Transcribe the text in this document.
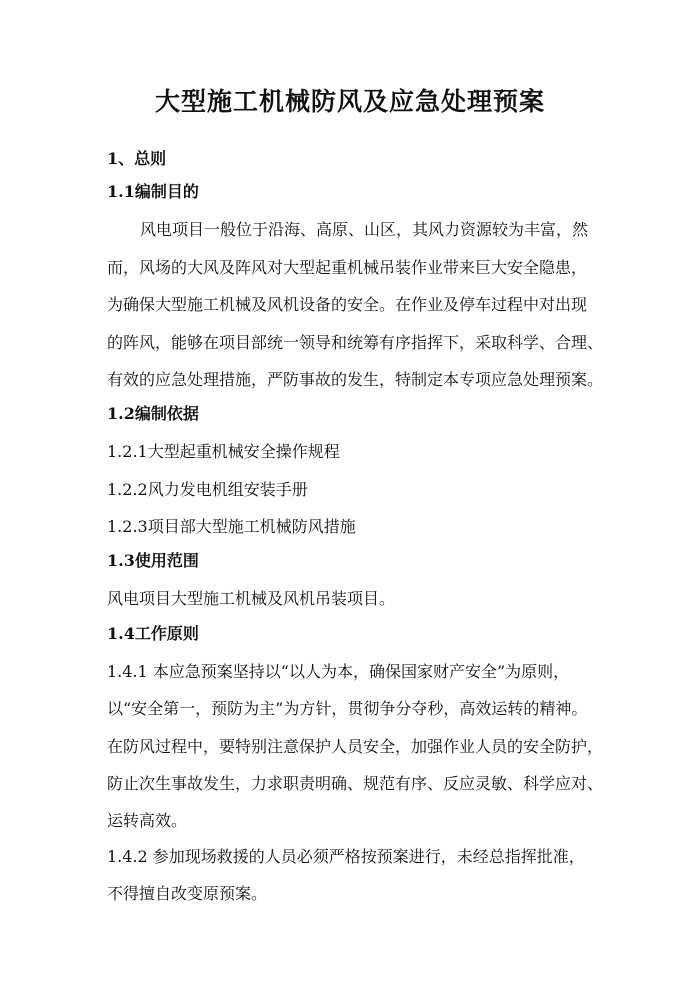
大型施工机械防风及应急处理预案
1、总则
1.1编制目的
风电项目一般位于沿海、高原、山区，其风力资源较为丰富，然
而，风场的大风及阵风对大型起重机械吊装作业带来巨大安全隐患，
为确保大型施工机械及风机设备的安全。在作业及停车过程中对出现
的阵风，能够在项目部统一领导和统筹有序指挥下，采取科学、合理、
有效的应急处理措施，严防事故的发生，特制定本专项应急处理预案。
1.2编制依据
1.2.1大型起重机械安全操作规程
1.2.2风力发电机组安装手册
1.2.3项目部大型施工机械防风措施
1.3使用范围
风电项目大型施工机械及风机吊装项目。
1.4工作原则
1.4.1 本应急预案坚持以“以人为本，确保国家财产安全”为原则，
以“安全第一，预防为主”为方针，贯彻争分夺秒，高效运转的精神。
在防风过程中，要特别注意保护人员安全，加强作业人员的安全防护，
防止次生事故发生，力求职责明确、规范有序、反应灵敏、科学应对、
运转高效。
1.4.2 参加现场救援的人员必须严格按预案进行，未经总指挥批准，
不得擅自改变原预案。
